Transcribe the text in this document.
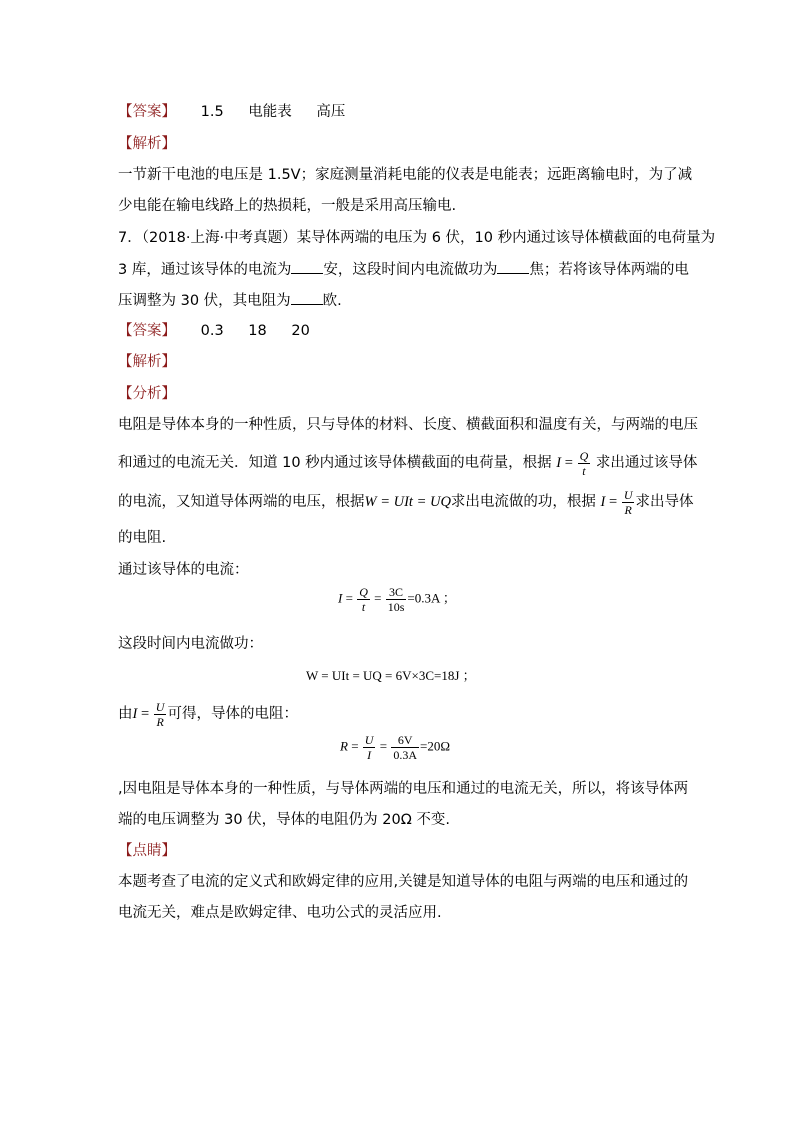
【答案】 1.5 电能表 高压
【解析】
一节新干电池的电压是 1.5V；家庭测量消耗电能的仪表是电能表；远距离输电时，为了减
少电能在输电线路上的热损耗，一般是采用高压输电.
7．（2018·上海·中考真题）某导体两端的电压为 6 伏，10 秒内通过该导体横截面的电荷量为
3 库，通过该导体的电流为 安，这段时间内电流做功为 焦；若将该导体两端的电
压调整为 30 伏，其电阻为 欧.
【答案】 0.3 18 20
【解析】
【分析】
电阻是导体本身的一种性质，只与导体的材料、长度、横截面积和温度有关，与两端的电压
和通过的电流无关．知道 10 秒内通过该导体横截面的电荷量，根据 $I = \frac{Q}{t}$ 求出通过该导体
的电流，又知道导体两端的电压，根据W = UIt = UQ求出电流做的功，根据 $I = \frac{U}{R}$ 求出导体
的电阻.
通过该导体的电流：
$I = \frac{Q}{t} = \frac{3C}{10s} =0.3A$ ；
这段时间内电流做功：
W = UIt = UQ = 6V×3C=18J ；
由$I = \frac{U}{R}$ 可得，导体的电阻：
$R = \frac{U}{I} = \frac{6V}{0.3A} =20\Omega$
,因电阻是导体本身的一种性质，与导体两端的电压和通过的电流无关，所以，将该导体两
端的电压调整为 30 伏，导体的电阻仍为 20Ω 不变.
【点睛】
本题考查了电流的定义式和欧姆定律的应用,关键是知道导体的电阻与两端的电压和通过的
电流无关，难点是欧姆定律、电功公式的灵活应用.
